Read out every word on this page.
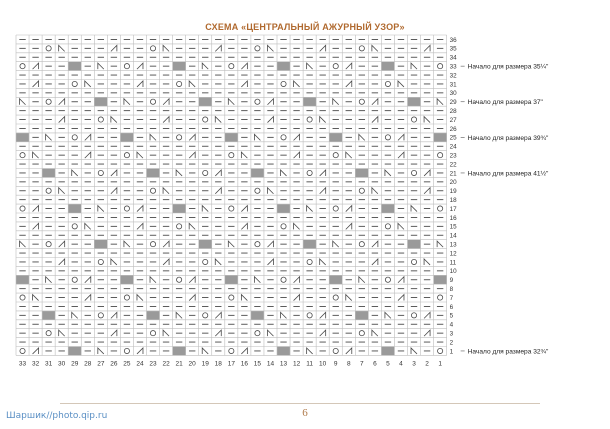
СХЕМА «ЦЕНТРАЛЬНЫЙ АЖУРНЫЙ УЗОР»
33 32 31 30 29 28 27 26 25 24 23 22 21 20 19 18 17 16 15 14 13 12 11 10 9 8 7 6 5 4 3 2 1
36
35
34
33
32
31
30
29
28
27
26
25
24
23
22
21
20
19
18
17
16
15
14
13
12
11
10
9
8
7
6
5
4
3
2
1
Начало для размера 35¼"
Начало для размера 37"
Начало для размера 39¾"
Начало для размера 41½"
Начало для размера 32¾"
6
Шаршик//photo.qip.ru
